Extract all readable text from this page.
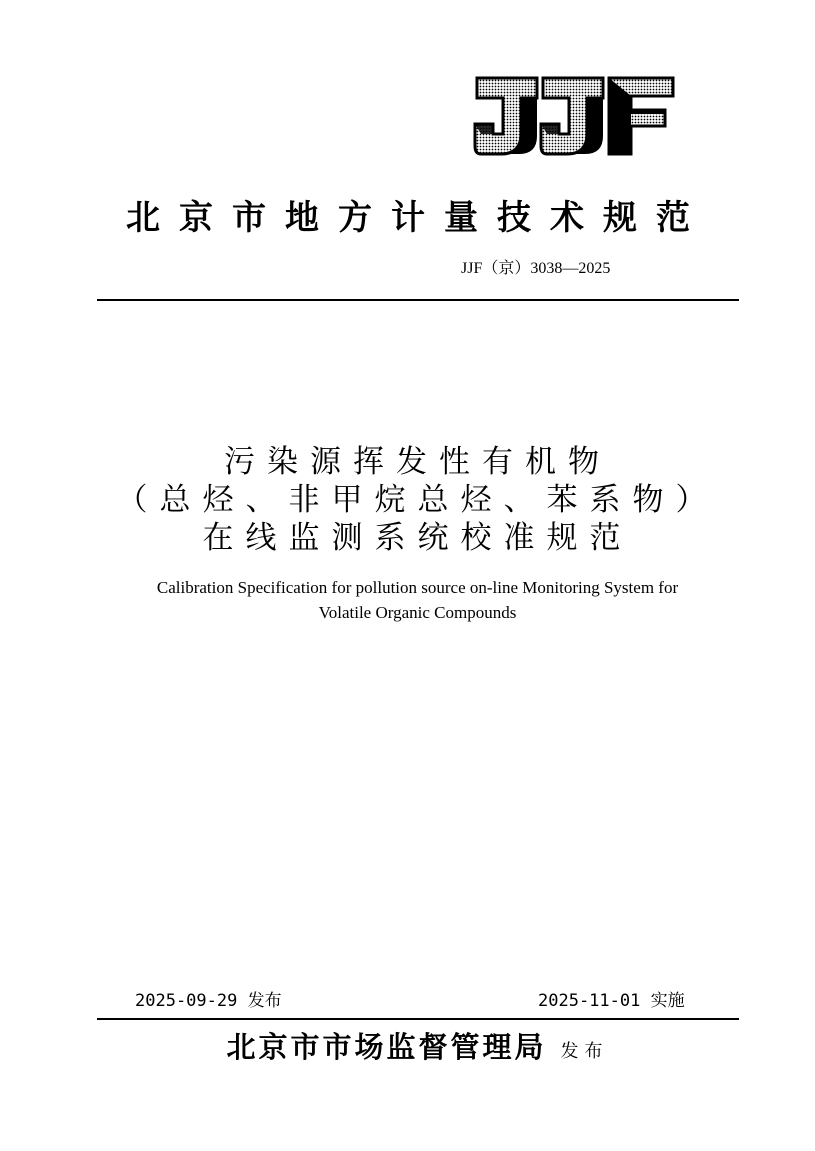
北京市地方计量技术规范
JJF（京）3038—2025
污染源挥发性有机物
（总烃、非甲烷总烃、苯系物）
在线监测系统校准规范
Calibration Specification for pollution source on-line Monitoring System for
Volatile Organic Compounds
2025-09-29 发布	2025-11-01 实施
北京市市场监督管理局 发布
